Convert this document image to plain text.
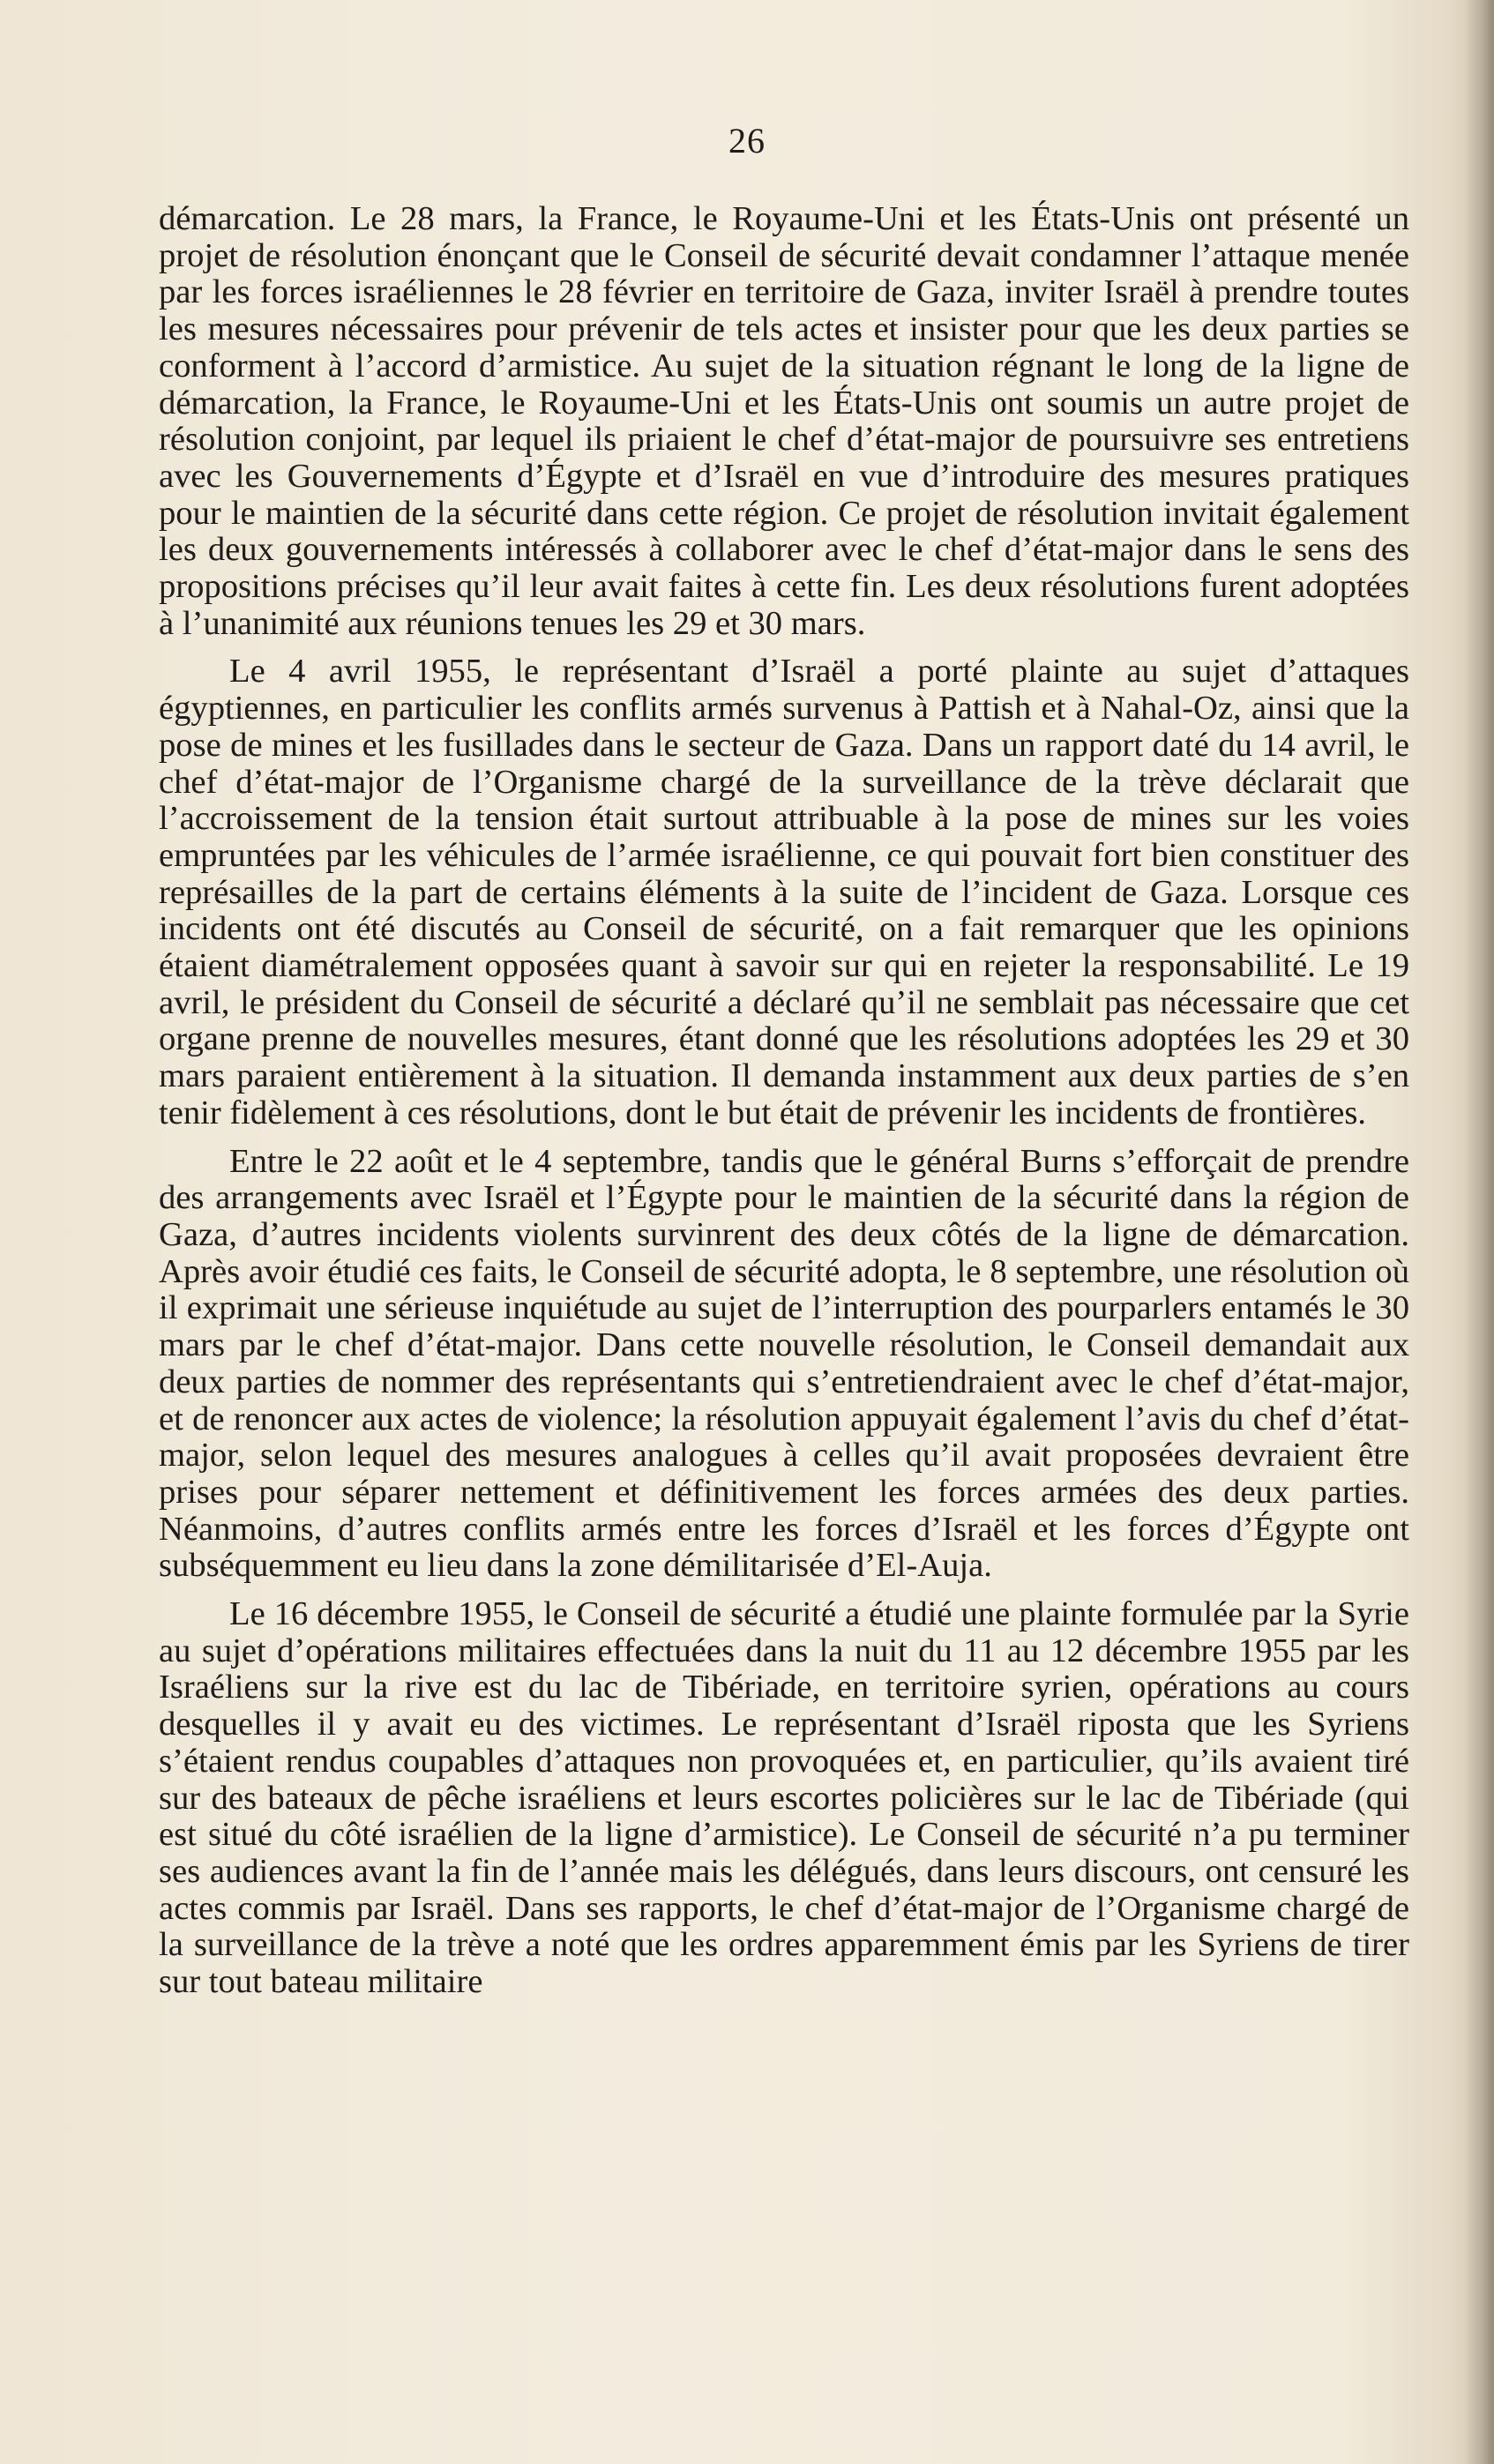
26

démarcation. Le 28 mars, la France, le Royaume-Uni et les États-Unis ont présenté un projet de résolution énonçant que le Conseil de sécurité devait condamner l’attaque menée par les forces israéliennes le 28 février en territoire de Gaza, inviter Israël à prendre toutes les mesures nécessaires pour prévenir de tels actes et insister pour que les deux parties se conforment à l’accord d’armistice. Au sujet de la situation régnant le long de la ligne de démarcation, la France, le Royaume-Uni et les États-Unis ont soumis un autre projet de résolution conjoint, par lequel ils priaient le chef d’état-major de poursuivre ses entretiens avec les Gouvernements d’Égypte et d’Israël en vue d’introduire des mesures pratiques pour le maintien de la sécurité dans cette région. Ce projet de résolution invitait également les deux gouvernements intéressés à collaborer avec le chef d’état-major dans le sens des propositions précises qu’il leur avait faites à cette fin. Les deux résolutions furent adoptées à l’unanimité aux réunions tenues les 29 et 30 mars.

Le 4 avril 1955, le représentant d’Israël a porté plainte au sujet d’attaques égyptiennes, en particulier les conflits armés survenus à Pattish et à Nahal-Oz, ainsi que la pose de mines et les fusillades dans le secteur de Gaza. Dans un rapport daté du 14 avril, le chef d’état-major de l’Organisme chargé de la surveillance de la trève déclarait que l’accroissement de la tension était surtout attribuable à la pose de mines sur les voies empruntées par les véhicules de l’armée israélienne, ce qui pouvait fort bien constituer des représailles de la part de certains éléments à la suite de l’incident de Gaza. Lorsque ces incidents ont été discutés au Conseil de sécurité, on a fait remarquer que les opinions étaient diamétralement opposées quant à savoir sur qui en rejeter la responsabilité. Le 19 avril, le président du Conseil de sécurité a déclaré qu’il ne semblait pas nécessaire que cet organe prenne de nouvelles mesures, étant donné que les résolutions adoptées les 29 et 30 mars paraient entièrement à la situation. Il demanda instamment aux deux parties de s’en tenir fidèlement à ces résolutions, dont le but était de prévenir les incidents de frontières.

Entre le 22 août et le 4 septembre, tandis que le général Burns s’efforçait de prendre des arrangements avec Israël et l’Égypte pour le maintien de la sécurité dans la région de Gaza, d’autres incidents violents survinrent des deux côtés de la ligne de démarcation. Après avoir étudié ces faits, le Conseil de sécurité adopta, le 8 septembre, une résolution où il exprimait une sérieuse inquiétude au sujet de l’interruption des pourparlers entamés le 30 mars par le chef d’état-major. Dans cette nouvelle résolution, le Conseil demandait aux deux parties de nommer des représentants qui s’entretiendraient avec le chef d’état-major, et de renoncer aux actes de violence; la résolution appuyait également l’avis du chef d’état-major, selon lequel des mesures analogues à celles qu’il avait proposées devraient être prises pour séparer nettement et définitivement les forces armées des deux parties. Néanmoins, d’autres conflits armés entre les forces d’Israël et les forces d’Égypte ont subséquemment eu lieu dans la zone démilitarisée d’El-Auja.

Le 16 décembre 1955, le Conseil de sécurité a étudié une plainte formulée par la Syrie au sujet d’opérations militaires effectuées dans la nuit du 11 au 12 décembre 1955 par les Israéliens sur la rive est du lac de Tibériade, en territoire syrien, opérations au cours desquelles il y avait eu des victimes. Le représentant d’Israël riposta que les Syriens s’étaient rendus coupables d’attaques non provoquées et, en particulier, qu’ils avaient tiré sur des bateaux de pêche israéliens et leurs escortes policières sur le lac de Tibériade (qui est situé du côté israélien de la ligne d’armistice). Le Conseil de sécurité n’a pu terminer ses audiences avant la fin de l’année mais les délégués, dans leurs discours, ont censuré les actes commis par Israël. Dans ses rapports, le chef d’état-major de l’Organisme chargé de la surveillance de la trève a noté que les ordres apparemment émis par les Syriens de tirer sur tout bateau militaire
